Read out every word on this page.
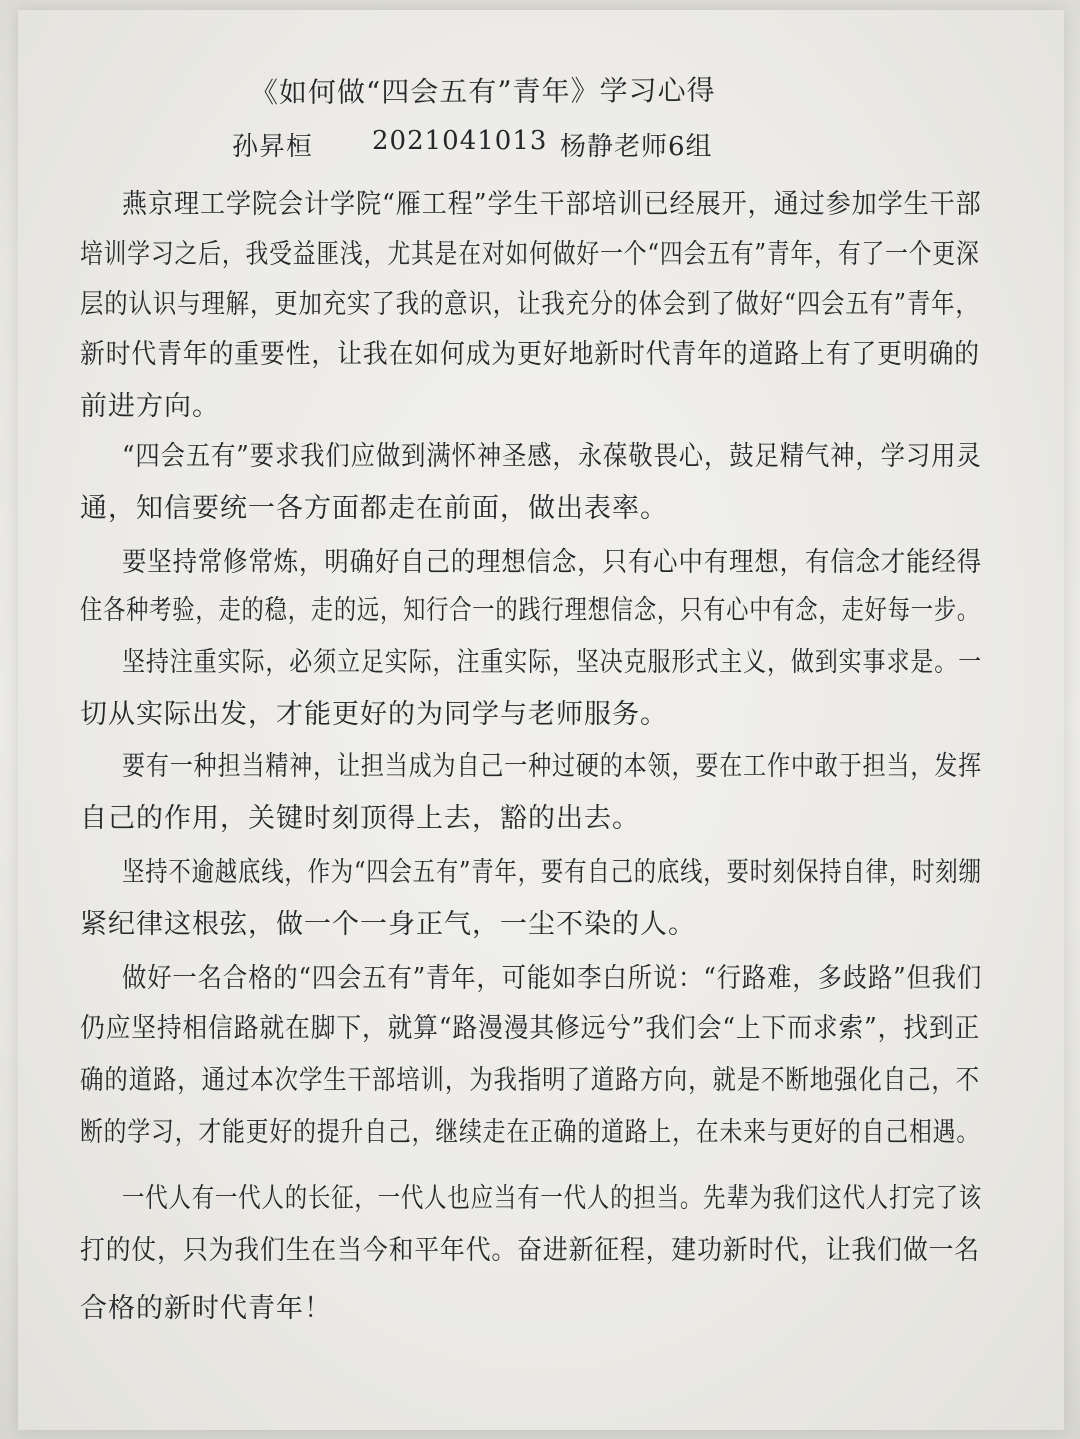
《如何做“四会五有”青年》学习心得
孙昇桓 2021041013 杨静老师6组
燕京理工学院会计学院“雁工程”学生干部培训已经展开，通过参加学生干部
培训学习之后，我受益匪浅，尤其是在对如何做好一个“四会五有”青年，有了一个更深
层的认识与理解，更加充实了我的意识，让我充分的体会到了做好“四会五有”青年，
新时代青年的重要性，让我在如何成为更好地新时代青年的道路上有了更明确的
前进方向。
“四会五有”要求我们应做到满怀神圣感，永葆敬畏心，鼓足精气神，学习用灵
通，知信要统一各方面都走在前面，做出表率。
要坚持常修常炼，明确好自己的理想信念，只有心中有理想，有信念才能经得
住各种考验，走的稳，走的远，知行合一的践行理想信念，只有心中有念，走好每一步。
坚持注重实际，必须立足实际，注重实际，坚决克服形式主义，做到实事求是。一
切从实际出发，才能更好的为同学与老师服务。
要有一种担当精神，让担当成为自己一种过硬的本领，要在工作中敢于担当，发挥
自己的作用，关键时刻顶得上去，豁的出去。
坚持不逾越底线，作为“四会五有”青年，要有自己的底线，要时刻保持自律，时刻绷
紧纪律这根弦，做一个一身正气，一尘不染的人。
做好一名合格的“四会五有”青年，可能如李白所说：“行路难，多歧路”但我们
仍应坚持相信路就在脚下，就算“路漫漫其修远兮”我们会“上下而求索”，找到正
确的道路，通过本次学生干部培训，为我指明了道路方向，就是不断地强化自己，不
断的学习，才能更好的提升自己，继续走在正确的道路上，在未来与更好的自己相遇。
一代人有一代人的长征，一代人也应当有一代人的担当。先辈为我们这代人打完了该
打的仗，只为我们生在当今和平年代。奋进新征程，建功新时代，让我们做一名
合格的新时代青年！
